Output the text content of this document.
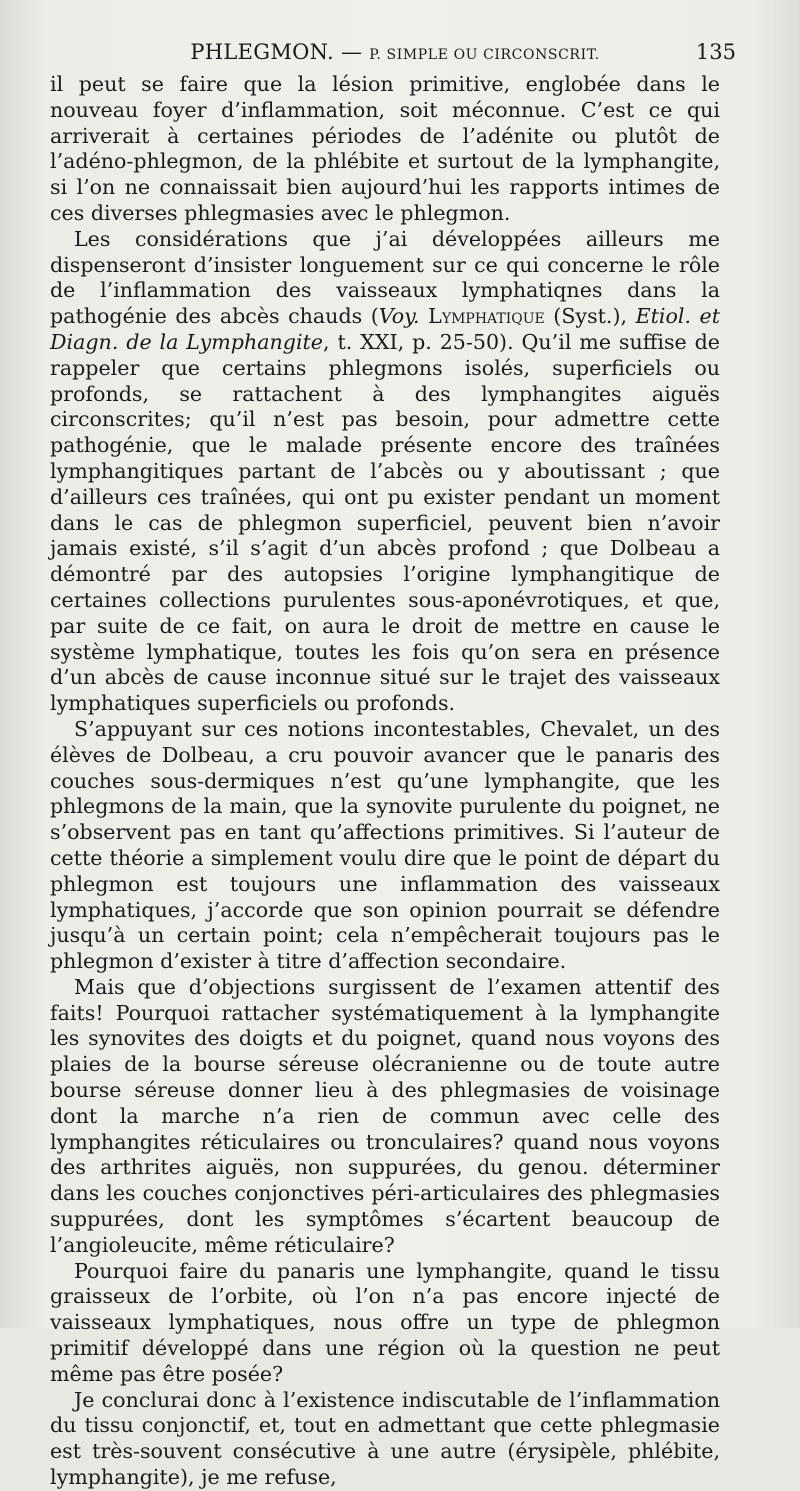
PHLEGMON. — P. SIMPLE OU CIRCONSCRIT.	135

il peut se faire que la lésion primitive, englobée dans le nouveau foyer d’inflammation, soit méconnue. C’est ce qui arriverait à certaines périodes de l’adénite ou plutôt de l’adéno-phlegmon, de la phlébite et surtout de la lymphangite, si l’on ne connaissait bien aujourd’hui les rapports intimes de ces diverses phlegmasies avec le phlegmon.

Les considérations que j’ai développées ailleurs me dispenseront d’insister longuement sur ce qui concerne le rôle de l’inflammation des vaisseaux lymphatiqnes dans la pathogénie des abcès chauds (Voy. Lymphatique (Syst.), Etiol. et Diagn. de la Lymphangite, t. XXI, p. 25-50). Qu’il me suffise de rappeler que certains phlegmons isolés, superficiels ou profonds, se rattachent à des lymphangites aiguës circonscrites; qu’il n’est pas besoin, pour admettre cette pathogénie, que le malade présente encore des traînées lymphangitiques partant de l’abcès ou y aboutissant ; que d’ailleurs ces traînées, qui ont pu exister pendant un moment dans le cas de phlegmon superficiel, peuvent bien n’avoir jamais existé, s’il s’agit d’un abcès profond ; que Dolbeau a démontré par des autopsies l’origine lymphangitique de certaines collections purulentes sous-aponévrotiques, et que, par suite de ce fait, on aura le droit de mettre en cause le système lymphatique, toutes les fois qu’on sera en présence d’un abcès de cause inconnue situé sur le trajet des vaisseaux lymphatiques superficiels ou profonds.

S’appuyant sur ces notions incontestables, Chevalet, un des élèves de Dolbeau, a cru pouvoir avancer que le panaris des couches sous-dermiques n’est qu’une lymphangite, que les phlegmons de la main, que la synovite purulente du poignet, ne s’observent pas en tant qu’affections primitives. Si l’auteur de cette théorie a simplement voulu dire que le point de départ du phlegmon est toujours une inflammation des vaisseaux lymphatiques, j’accorde que son opinion pourrait se défendre jusqu’à un certain point; cela n’empêcherait toujours pas le phlegmon d’exister à titre d’affection secondaire.

Mais que d’objections surgissent de l’examen attentif des faits! Pourquoi rattacher systématiquement à la lymphangite les synovites des doigts et du poignet, quand nous voyons des plaies de la bourse séreuse olécranienne ou de toute autre bourse séreuse donner lieu à des phlegmasies de voisinage dont la marche n’a rien de commun avec celle des lymphangites réticulaires ou tronculaires? quand nous voyons des arthrites aiguës, non suppurées, du genou. déterminer dans les couches conjonctives péri-articulaires des phlegmasies suppurées, dont les symptômes s’écartent beaucoup de l’angioleucite, même réticulaire?

Pourquoi faire du panaris une lymphangite, quand le tissu graisseux de l’orbite, où l’on n’a pas encore injecté de vaisseaux lymphatiques, nous offre un type de phlegmon primitif développé dans une région où la question ne peut même pas être posée?

Je conclurai donc à l’existence indiscutable de l’inflammation du tissu conjonctif, et, tout en admettant que cette phlegmasie est très-souvent consécutive à une autre (érysipèle, phlébite, lymphangite), je me refuse,
